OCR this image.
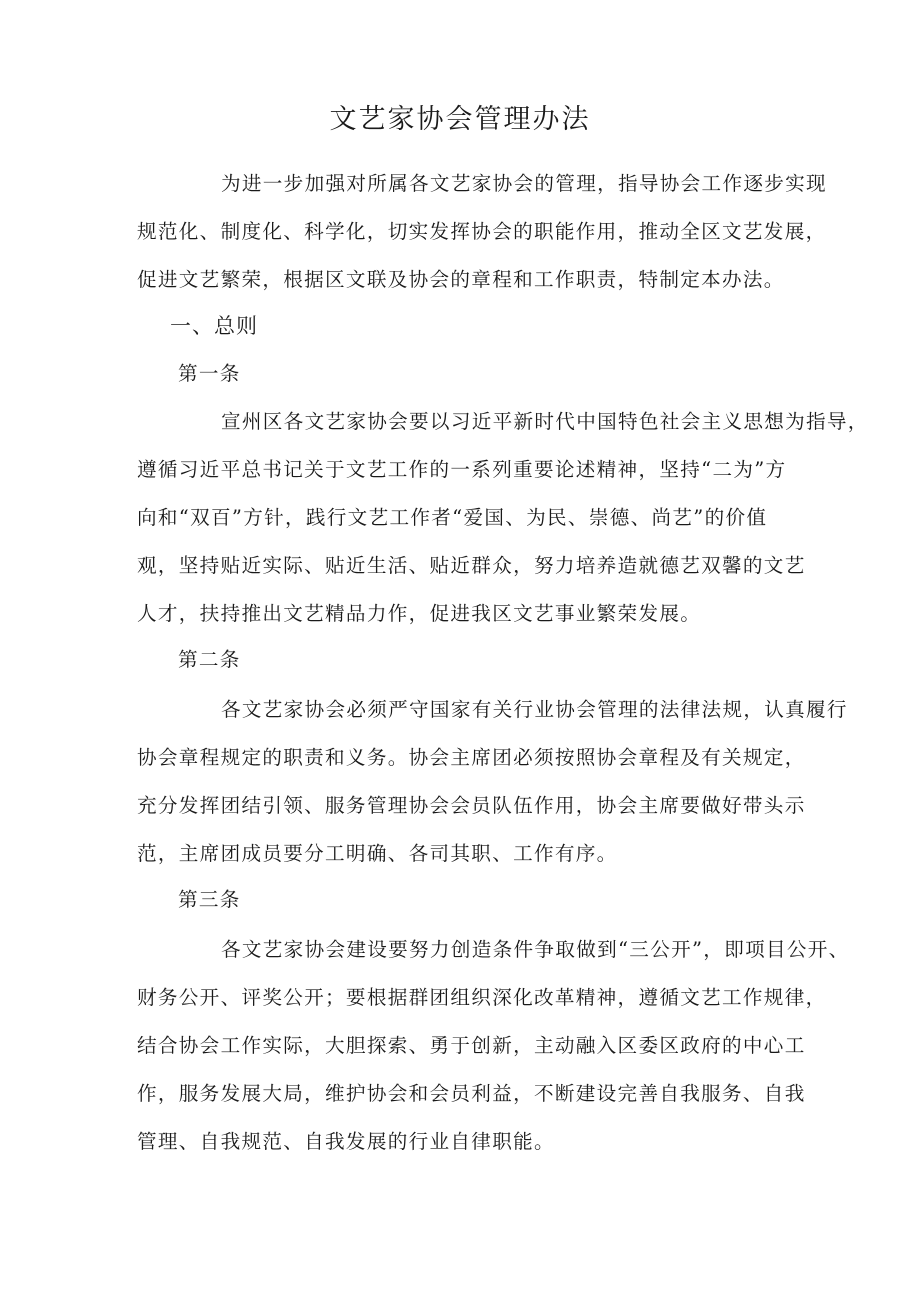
文艺家协会管理办法
为进一步加强对所属各文艺家协会的管理，指导协会工作逐步实现
规范化、制度化、科学化，切实发挥协会的职能作用，推动全区文艺发展，
促进文艺繁荣，根据区文联及协会的章程和工作职责，特制定本办法。
一、总则
第一条
宣州区各文艺家协会要以习近平新时代中国特色社会主义思想为指导，
遵循习近平总书记关于文艺工作的一系列重要论述精神，坚持“二为”方
向和“双百”方针，践行文艺工作者“爱国、为民、崇德、尚艺”的价值
观，坚持贴近实际、贴近生活、贴近群众，努力培养造就德艺双馨的文艺
人才，扶持推出文艺精品力作，促进我区文艺事业繁荣发展。
第二条
各文艺家协会必须严守国家有关行业协会管理的法律法规，认真履行
协会章程规定的职责和义务。协会主席团必须按照协会章程及有关规定，
充分发挥团结引领、服务管理协会会员队伍作用，协会主席要做好带头示
范，主席团成员要分工明确、各司其职、工作有序。
第三条
各文艺家协会建设要努力创造条件争取做到“三公开”，即项目公开、
财务公开、评奖公开；要根据群团组织深化改革精神，遵循文艺工作规律，
结合协会工作实际，大胆探索、勇于创新，主动融入区委区政府的中心工
作，服务发展大局，维护协会和会员利益，不断建设完善自我服务、自我
管理、自我规范、自我发展的行业自律职能。
